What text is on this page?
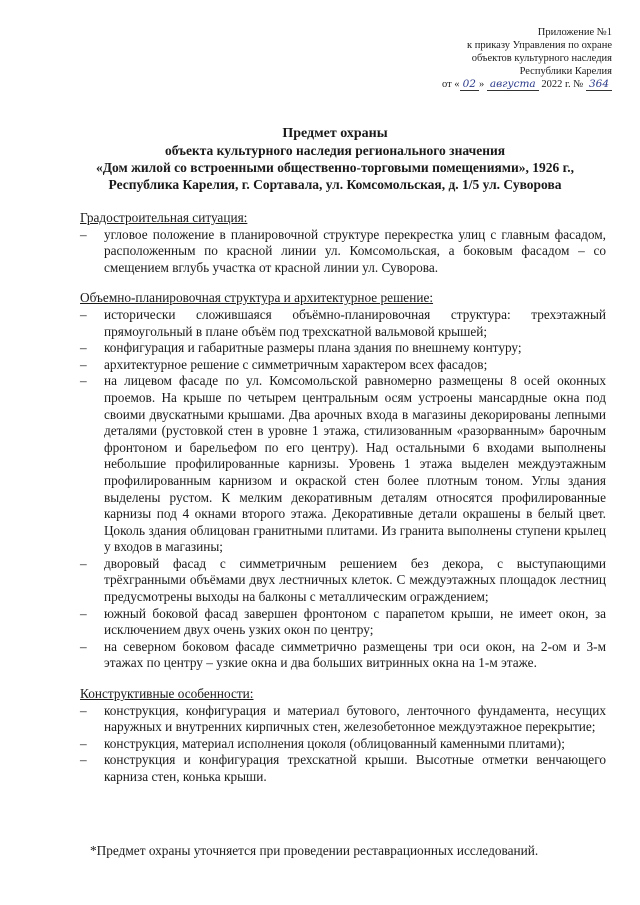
Приложение №1
к приказу Управления по охране
объектов культурного наследия
Республики Карелия
от « 02 » августа 2022 г. № 364
Предмет охраны
объекта культурного наследия регионального значения
«Дом жилой со встроенными общественно-торговыми помещениями», 1926 г.,
Республика Карелия, г. Сортавала, ул. Комсомольская, д. 1/5 ул. Суворова

Градостроительная ситуация:

– угловое положение в планировочной структуре перекрестка улиц с главным фасадом, расположенным по красной линии ул. Комсомольская, а боковым фасадом – со смещением вглубь участка от красной линии ул. Суворова.

Объемно-планировочная структура и архитектурное решение:

– исторически сложившаяся объёмно-планировочная структура: трехэтажный прямоугольный в плане объём под трехскатной вальмовой крышей;
– конфигурация и габаритные размеры плана здания по внешнему контуру;
– архитектурное решение с симметричным характером всех фасадов;
– на лицевом фасаде по ул. Комсомольской равномерно размещены 8 осей оконных проемов. На крыше по четырем центральным осям устроены мансардные окна под своими двускатными крышами. Два арочных входа в магазины декорированы лепными деталями (рустовкой стен в уровне 1 этажа, стилизованным «разорванным» барочным фронтоном и барельефом по его центру). Над остальными 6 входами выполнены небольшие профилированные карнизы. Уровень 1 этажа выделен междуэтажным профилированным карнизом и окраской стен более плотным тоном. Углы здания выделены рустом. К мелким декоративным деталям относятся профилированные карнизы под 4 окнами второго этажа. Декоративные детали окрашены в белый цвет. Цоколь здания облицован гранитными плитами. Из гранита выполнены ступени крылец у входов в магазины;
– дворовый фасад с симметричным решением без декора, с выступающими трёхгранными объёмами двух лестничных клеток. С междуэтажных площадок лестниц предусмотрены выходы на балконы с металлическим ограждением;
– южный боковой фасад завершен фронтоном с парапетом крыши, не имеет окон, за исключением двух очень узких окон по центру;
– на северном боковом фасаде симметрично размещены три оси окон, на 2-ом и 3-м этажах по центру – узкие окна и два больших витринных окна на 1-м этаже.

Конструктивные особенности:

– конструкция, конфигурация и материал бутового, ленточного фундамента, несущих наружных и внутренних кирпичных стен, железобетонное междуэтажное перекрытие;
– конструкция, материал исполнения цоколя (облицованный каменными плитами);
– конструкция и конфигурация трехскатной крыши. Высотные отметки венчающего карниза стен, конька крыши.
*Предмет охраны уточняется при проведении реставрационных исследований.
